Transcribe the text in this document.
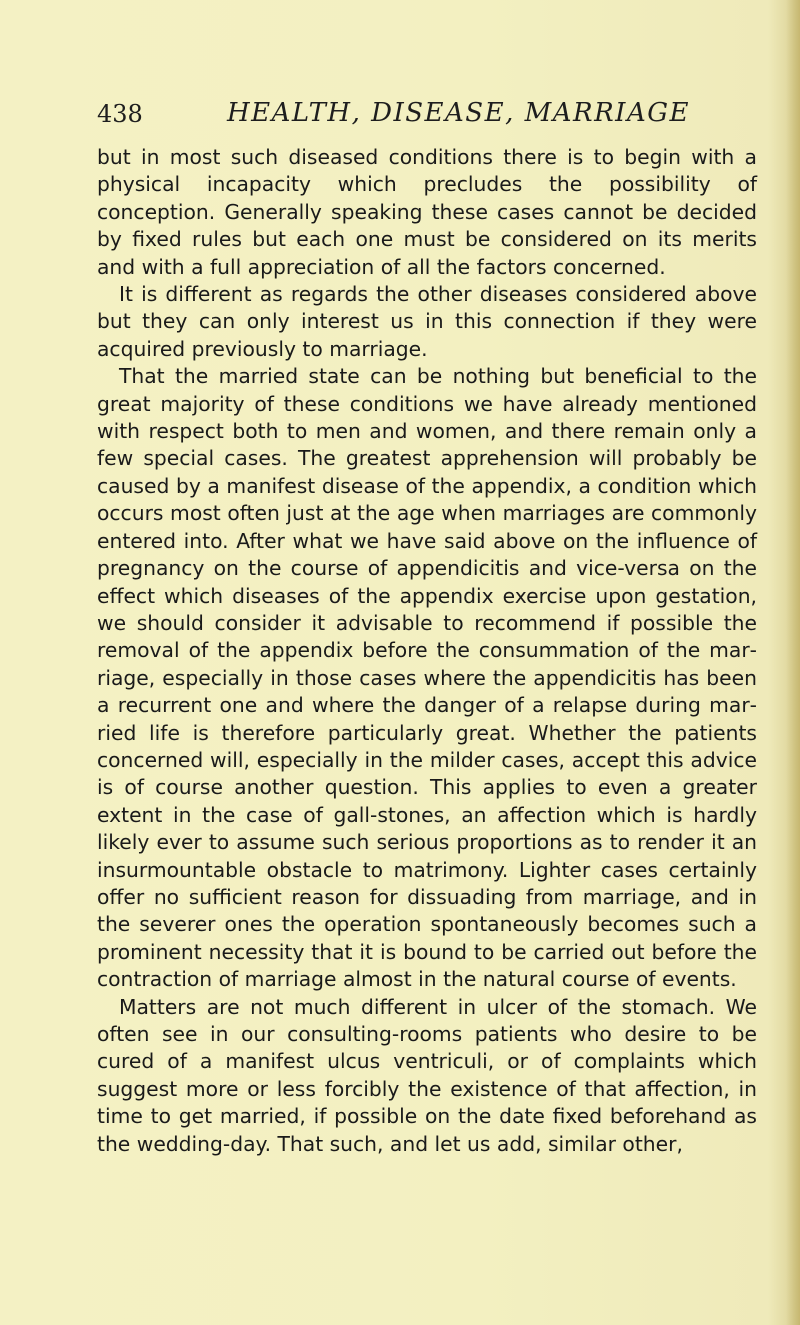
438	HEALTH, DISEASE, MARRIAGE

but in most such diseased conditions there is to begin with a physical incapacity which precludes the possibility of conception. Generally speaking these cases cannot be decided by fixed rules but each one must be considered on its merits and with a full appreciation of all the factors concerned.

It is different as regards the other diseases considered above but they can only interest us in this connection if they were acquired previously to marriage.

That the married state can be nothing but beneficial to the great majority of these conditions we have already mentioned with respect both to men and women, and there remain only a few special cases. The greatest apprehension will probably be caused by a manifest disease of the appendix, a condition which occurs most often just at the age when marriages are commonly entered into. After what we have said above on the influence of pregnancy on the course of appendicitis and vice-versa on the effect which diseases of the appendix exercise upon gestation, we should consider it advisable to recommend if possible the removal of the appendix before the consummation of the marriage, especially in those cases where the appendicitis has been a recurrent one and where the danger of a relapse during married life is therefore particularly great. Whether the patients concerned will, especially in the milder cases, accept this advice is of course another question. This applies to even a greater extent in the case of gall-stones, an affection which is hardly likely ever to assume such serious proportions as to render it an insurmountable obstacle to matrimony. Lighter cases certainly offer no sufficient reason for dissuading from marriage, and in the severer ones the operation spontaneously becomes such a prominent necessity that it is bound to be carried out before the contraction of marriage almost in the natural course of events.

Matters are not much different in ulcer of the stomach. We often see in our consulting-rooms patients who desire to be cured of a manifest ulcus ventriculi, or of complaints which suggest more or less forcibly the existence of that affection, in time to get married, if possible on the date fixed beforehand as the wedding-day. That such, and let us add, similar other,
